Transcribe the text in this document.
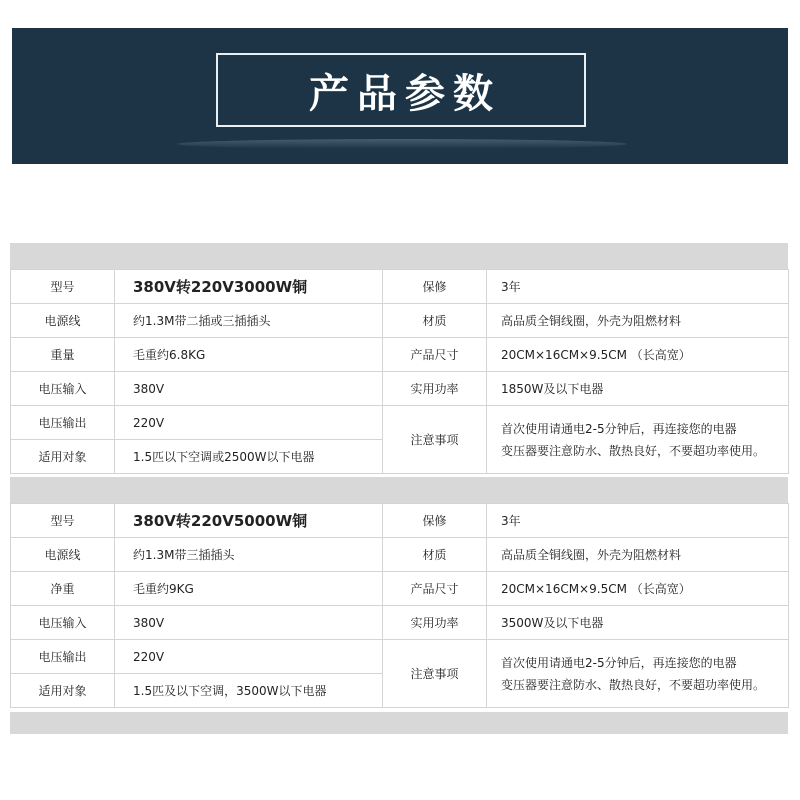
产品参数
型号	380V转220V3000W铜	保修	3年
电源线	约1.3M带二插或三插插头	材质	高品质全铜线圈，外壳为阻燃材料
重量	毛重约6.8KG	产品尺寸	20CM×16CM×9.5CM （长高宽）
电压输入	380V	实用功率	1850W及以下电器
电压输出	220V	注意事项	首次使用请通电2-5分钟后，再连接您的电器
变压器要注意防水、散热良好，不要超功率使用。

适用对象	1.5匹以下空调或2500W以下电器		
型号	380V转220V5000W铜	保修	3年
电源线	约1.3M带三插插头	材质	高品质全铜线圈，外壳为阻燃材料
净重	毛重约9KG	产品尺寸	20CM×16CM×9.5CM （长高宽）
电压输入	380V	实用功率	3500W及以下电器
电压输出	220V	注意事项	首次使用请通电2-5分钟后，再连接您的电器
变压器要注意防水、散热良好，不要超功率使用。

适用对象	1.5匹及以下空调，3500W以下电器		
